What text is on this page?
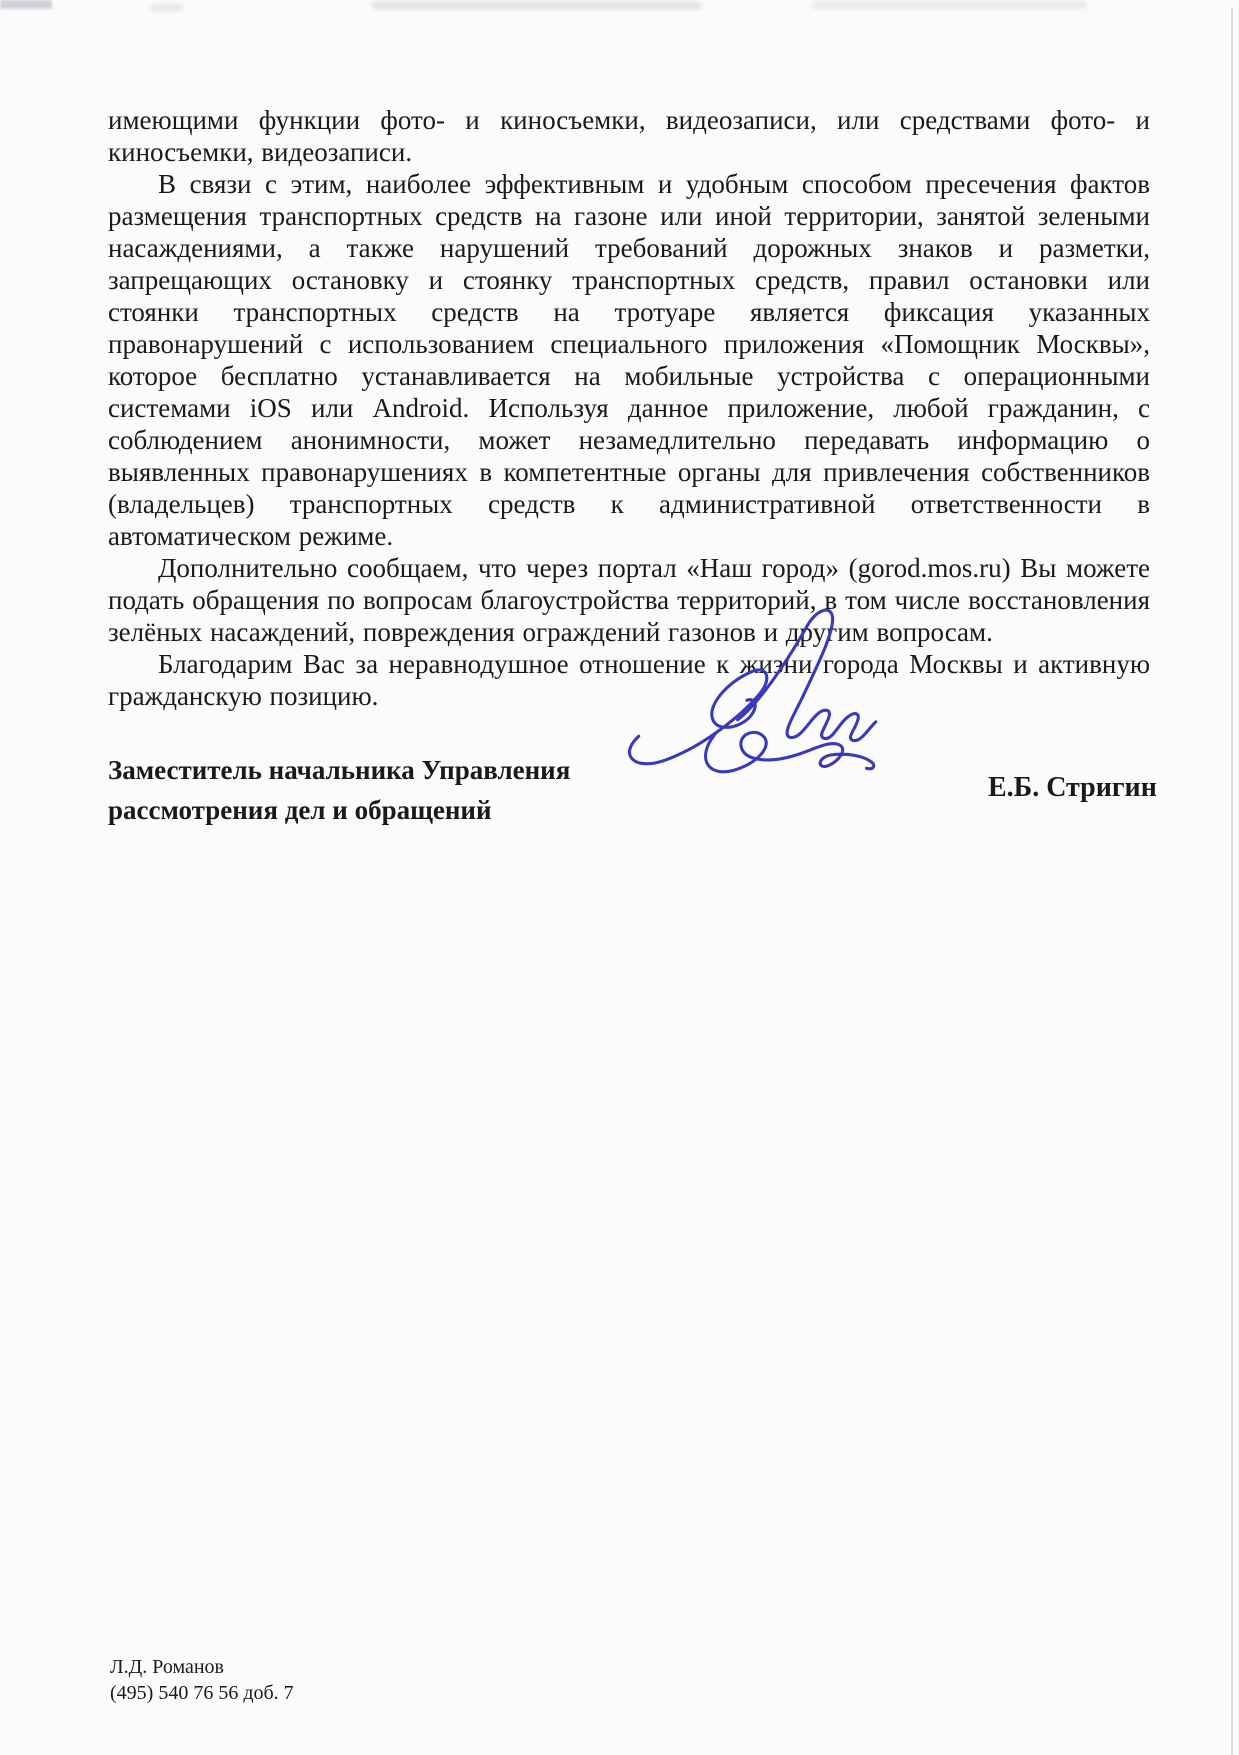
имеющими функции фото- и киносъемки, видеозаписи, или средствами фото- и киносъемки, видеозаписи.

В связи с этим, наиболее эффективным и удобным способом пресечения фактов размещения транспортных средств на газоне или иной территории, занятой зелеными насаждениями, а также нарушений требований дорожных знаков и разметки, запрещающих остановку и стоянку транспортных средств, правил остановки или стоянки транспортных средств на тротуаре является фиксация указанных правонарушений с использованием специального приложения «Помощник Москвы», которое бесплатно устанавливается на мобильные устройства с операционными системами iOS или Android. Используя данное приложение, любой гражданин, с соблюдением анонимности, может незамедлительно передавать информацию о выявленных правонарушениях в компетентные органы для привлечения собственников (владельцев) транспортных средств к административной ответственности в автоматическом режиме.

Дополнительно сообщаем, что через портал «Наш город» (gorod.mos.ru) Вы можете подать обращения по вопросам благоустройства территорий, в том числе восстановления зелёных насаждений, повреждения ограждений газонов и другим вопросам.

Благодарим Вас за неравнодушное отношение к жизни города Москвы и активную гражданскую позицию.

Заместитель начальника Управления
рассмотрения дел и обращений
Е.Б. Стригин
Л.Д. Романов
(495) 540 76 56 доб. 7
